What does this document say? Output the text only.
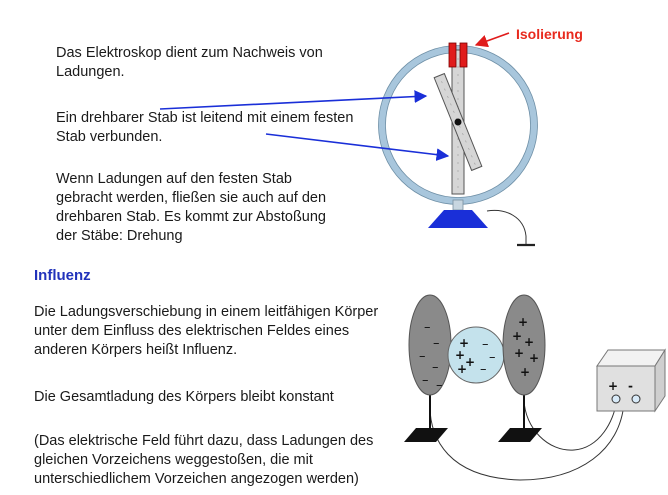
Das Elektroskop dient zum Nachweis von Ladungen.

Ein drehbarer Stab ist leitend mit einem festen Stab verbunden.

Wenn Ladungen auf den festen Stab gebracht werden, fließen sie auch auf den drehbaren Stab. Es kommt zur Abstoßung der Stäbe: Drehung

Influenz

Die Ladungsverschiebung in einem leitfähigen Körper unter dem Einfluss des elektrischen Feldes eines anderen Körpers heißt Influenz.

Die Gesamtladung des Körpers bleibt konstant

(Das elektrische Feld führt dazu, dass Ladungen des gleichen Vorzeichens weggestoßen, die mit unterschiedlichem Vorzeichen angezogen werden)

Isolierung
–
–
–
–
– –
+
+ +
+
–
–
–
+
+ +
+ +
+
+ -
